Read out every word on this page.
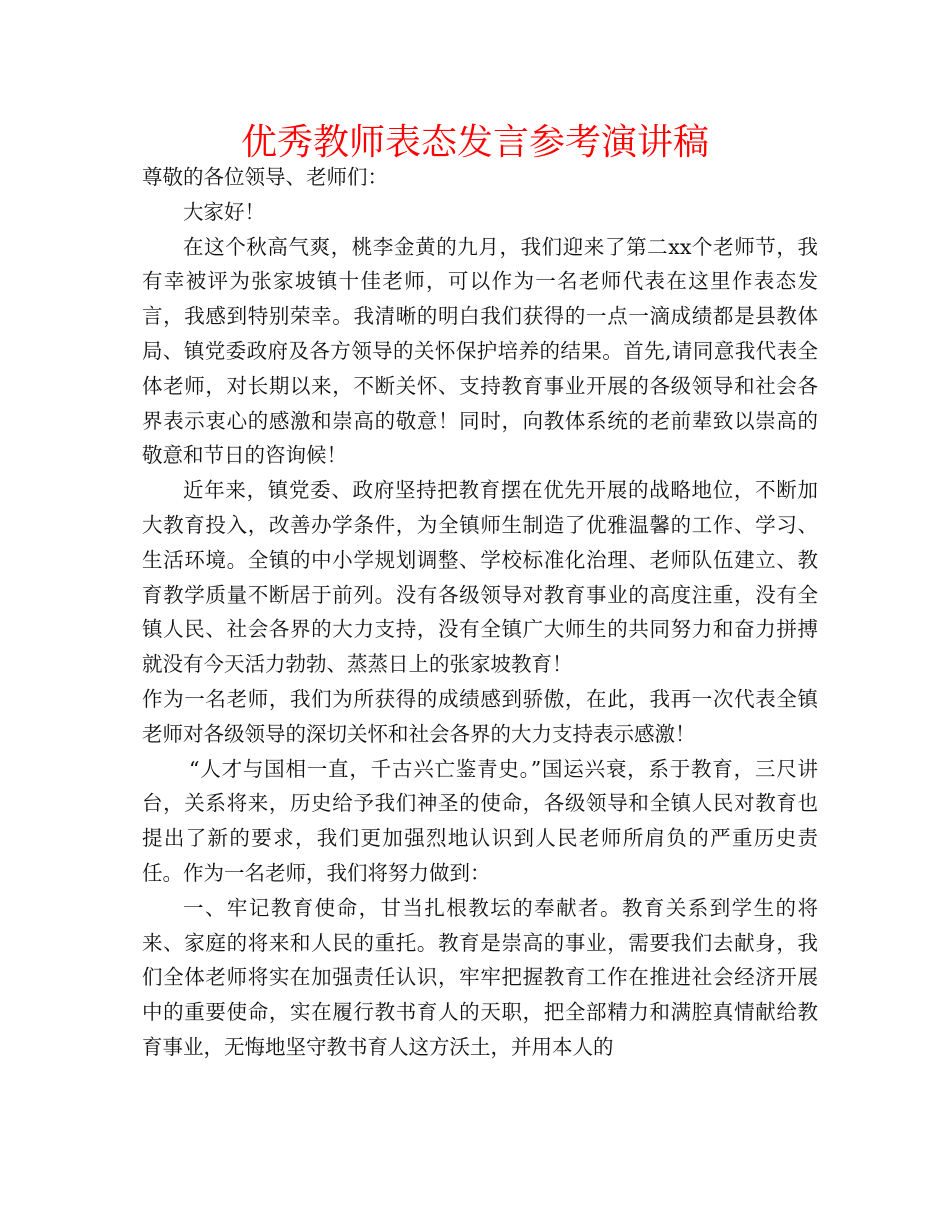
优秀教师表态发言参考演讲稿

尊敬的各位领导、老师们：

大家好！

在这个秋高气爽，桃李金黄的九月，我们迎来了第二xx个老师节，我有幸被评为张家坡镇十佳老师，可以作为一名老师代表在这里作表态发言，我感到特别荣幸。我清晰的明白我们获得的一点一滴成绩都是县教体局、镇党委政府及各方领导的关怀保护培养的结果。首先,请同意我代表全体老师，对长期以来，不断关怀、支持教育事业开展的各级领导和社会各界表示衷心的感激和崇高的敬意！同时，向教体系统的老前辈致以崇高的敬意和节日的咨询候！

近年来，镇党委、政府坚持把教育摆在优先开展的战略地位，不断加大教育投入，改善办学条件，为全镇师生制造了优雅温馨的工作、学习、生活环境。全镇的中小学规划调整、学校标准化治理、老师队伍建立、教育教学质量不断居于前列。没有各级领导对教育事业的高度注重，没有全镇人民、社会各界的大力支持，没有全镇广大师生的共同努力和奋力拼搏就没有今天活力勃勃、蒸蒸日上的张家坡教育！

作为一名老师，我们为所获得的成绩感到骄傲，在此，我再一次代表全镇老师对各级领导的深切关怀和社会各界的大力支持表示感激！

“人才与国相一直，千古兴亡鉴青史。”国运兴衰，系于教育，三尺讲台，关系将来，历史给予我们神圣的使命，各级领导和全镇人民对教育也提出了新的要求，我们更加强烈地认识到人民老师所肩负的严重历史责任。作为一名老师，我们将努力做到：

一、牢记教育使命，甘当扎根教坛的奉献者。教育关系到学生的将来、家庭的将来和人民的重托。教育是崇高的事业，需要我们去献身，我们全体老师将实在加强责任认识，牢牢把握教育工作在推进社会经济开展中的重要使命，实在履行教书育人的天职，把全部精力和满腔真情献给教育事业，无悔地坚守教书育人这方沃土，并用本人的
